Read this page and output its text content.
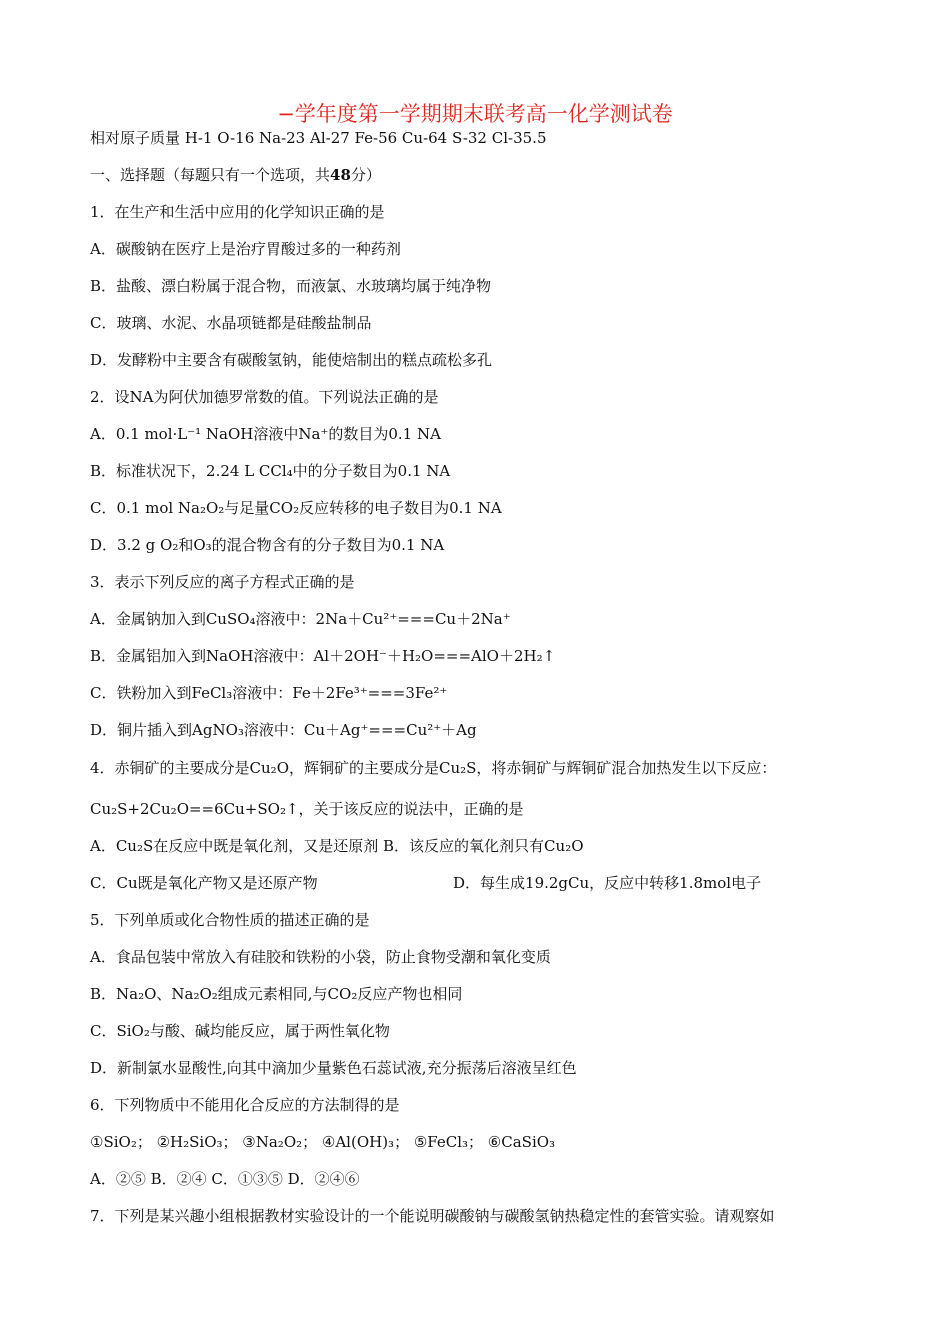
−学年度第一学期期末联考高一化学测试卷
相对原子质量 H-1 O-16 Na-23 Al-27 Fe-56 Cu-64 S-32 Cl-35.5
一、选择题（每题只有一个选项，共48分）
1．在生产和生活中应用的化学知识正确的是
A．碳酸钠在医疗上是治疗胃酸过多的一种药剂
B．盐酸、漂白粉属于混合物，而液氯、水玻璃均属于纯净物
C．玻璃、水泥、水晶项链都是硅酸盐制品
D．发酵粉中主要含有碳酸氢钠，能使焙制出的糕点疏松多孔
2．设NA为阿伏加德罗常数的值。下列说法正确的是
A．0.1 mol·L⁻¹ NaOH溶液中Na⁺的数目为0.1 NA
B．标准状况下，2.24 L CCl₄中的分子数目为0.1 NA
C．0.1 mol Na₂O₂与足量CO₂反应转移的电子数目为0.1 NA
D．3.2 g O₂和O₃的混合物含有的分子数目为0.1 NA
3．表示下列反应的离子方程式正确的是
A．金属钠加入到CuSO₄溶液中：2Na＋Cu²⁺===Cu＋2Na⁺
B．金属铝加入到NaOH溶液中：Al＋2OH⁻＋H₂O===AlO＋2H₂↑
C．铁粉加入到FeCl₃溶液中：Fe＋2Fe³⁺===3Fe²⁺
D．铜片插入到AgNO₃溶液中：Cu＋Ag⁺===Cu²⁺＋Ag
4．赤铜矿的主要成分是Cu₂O，辉铜矿的主要成分是Cu₂S，将赤铜矿与辉铜矿混合加热发生以下反应：
Cu₂S+2Cu₂O==6Cu+SO₂↑，关于该反应的说法中，正确的是
A．Cu₂S在反应中既是氧化剂，又是还原剂 B．该反应的氧化剂只有Cu₂O
C．Cu既是氧化产物又是还原产物	D．每生成19.2gCu，反应中转移1.8mol电子
5．下列单质或化合物性质的描述正确的是
A．食品包装中常放入有硅胶和铁粉的小袋，防止食物受潮和氧化变质
B．Na₂O、Na₂O₂组成元素相同,与CO₂反应产物也相同
C．SiO₂与酸、碱均能反应，属于两性氧化物
D．新制氯水显酸性,向其中滴加少量紫色石蕊试液,充分振荡后溶液呈红色
6．下列物质中不能用化合反应的方法制得的是
①SiO₂； ②H₂SiO₃； ③Na₂O₂； ④Al(OH)₃； ⑤FeCl₃； ⑥CaSiO₃
A．②⑤ B．②④ C．①③⑤ D．②④⑥
7．下列是某兴趣小组根据教材实验设计的一个能说明碳酸钠与碳酸氢钠热稳定性的套管实验。请观察如
